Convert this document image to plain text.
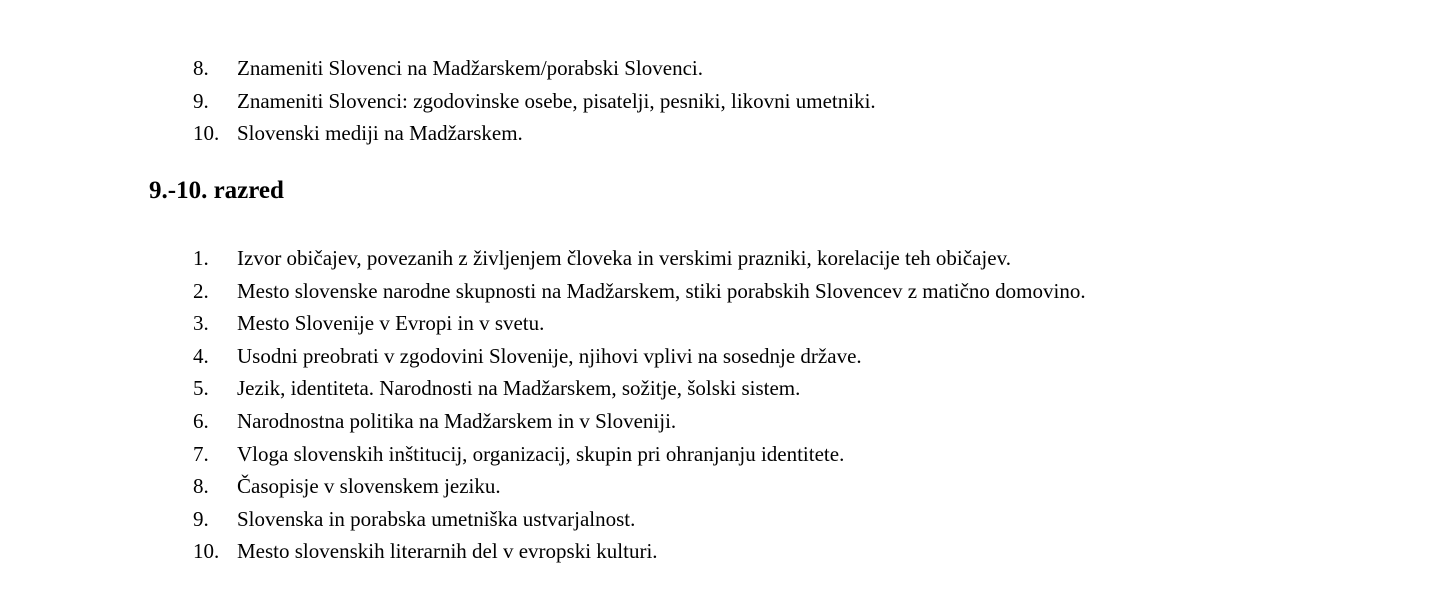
8. Znameniti Slovenci na Madžarskem/porabski Slovenci.
9. Znameniti Slovenci: zgodovinske osebe, pisatelji, pesniki, likovni umetniki.
10. Slovenski mediji na Madžarskem.
9.-10. razred
1. Izvor običajev, povezanih z življenjem človeka in verskimi prazniki, korelacije teh običajev.
2. Mesto slovenske narodne skupnosti na Madžarskem, stiki porabskih Slovencev z matično domovino.
3. Mesto Slovenije v Evropi in v svetu.
4. Usodni preobrati v zgodovini Slovenije, njihovi vplivi na sosednje države.
5. Jezik, identiteta. Narodnosti na Madžarskem, sožitje, šolski sistem.
6. Narodnostna politika na Madžarskem in v Sloveniji.
7. Vloga slovenskih inštitucij, organizacij, skupin pri ohranjanju identitete.
8. Časopisje v slovenskem jeziku.
9. Slovenska in porabska umetniška ustvarjalnost.
10. Mesto slovenskih literarnih del v evropski kulturi.
